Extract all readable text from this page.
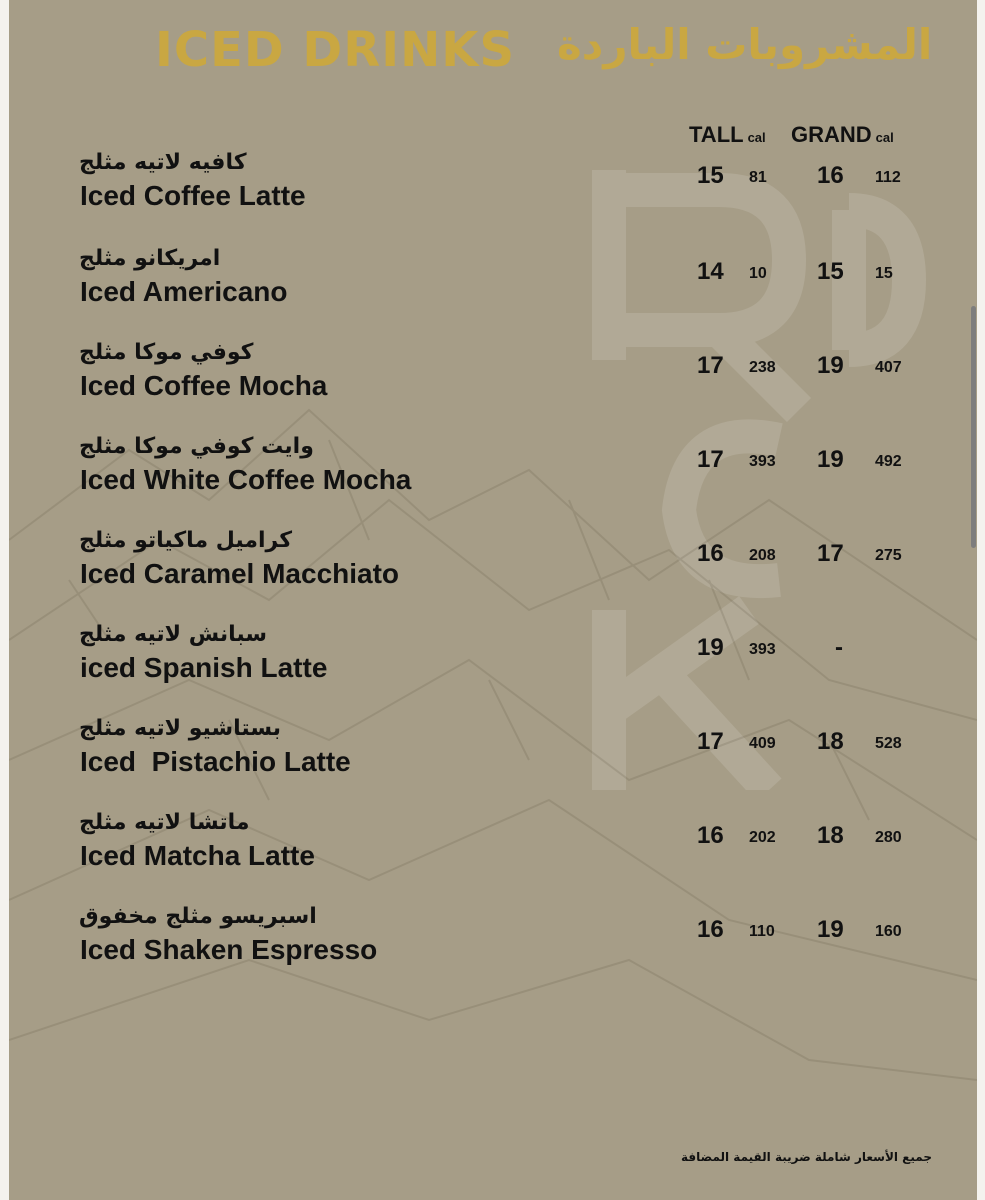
ICED DRINKS المشروبات الباردة
TALL cal GRAND cal
كافيه لاتيه مثلج
Iced Coffee Latte
15 81 16 112
امريكانو مثلج
Iced Americano
14 10 15 15
كوفي موكا مثلج
Iced Coffee Mocha
17 238 19 407
وايت كوفي موكا مثلج
Iced White Coffee Mocha
17 393 19 492
كراميل ماكياتو مثلج
Iced Caramel Macchiato
16 208 17 275
سبانش لاتيه مثلج
iced Spanish Latte
19 393 -
بستاشيو لاتيه مثلج
Iced  Pistachio Latte
17 409 18 528
ماتشا لاتيه مثلج
Iced Matcha Latte
16 202 18 280
اسبريسو مثلج مخفوق
Iced Shaken Espresso
16 110 19 160
جميع الأسعار شاملة ضريبة القيمة المضافة
